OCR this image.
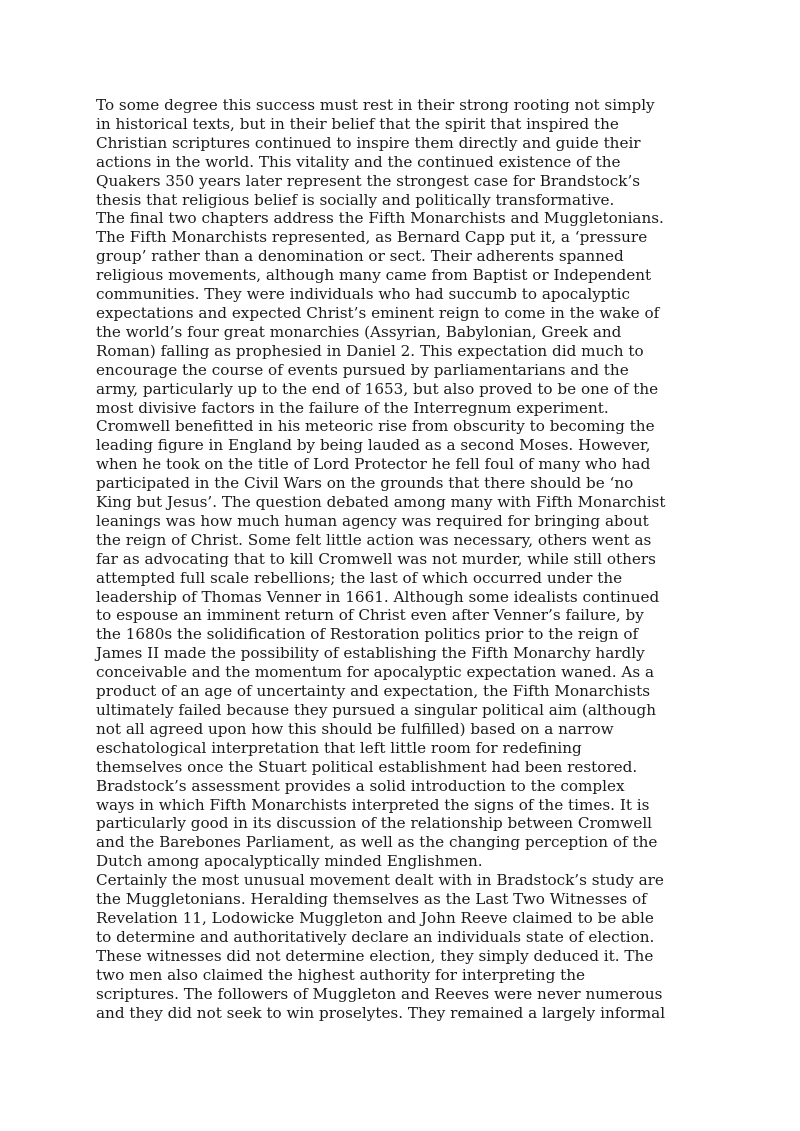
To some degree this success must rest in their strong rooting not simply
in historical texts, but in their belief that the spirit that inspired the
Christian scriptures continued to inspire them directly and guide their
actions in the world. This vitality and the continued existence of the
Quakers 350 years later represent the strongest case for Brandstock’s
thesis that religious belief is socially and politically transformative.

The final two chapters address the Fifth Monarchists and Muggletonians.
The Fifth Monarchists represented, as Bernard Capp put it, a ‘pressure
group’ rather than a denomination or sect. Their adherents spanned
religious movements, although many came from Baptist or Independent
communities. They were individuals who had succumb to apocalyptic
expectations and expected Christ’s eminent reign to come in the wake of
the world’s four great monarchies (Assyrian, Babylonian, Greek and
Roman) falling as prophesied in Daniel 2. This expectation did much to
encourage the course of events pursued by parliamentarians and the
army, particularly up to the end of 1653, but also proved to be one of the
most divisive factors in the failure of the Interregnum experiment.
Cromwell benefitted in his meteoric rise from obscurity to becoming the
leading figure in England by being lauded as a second Moses. However,
when he took on the title of Lord Protector he fell foul of many who had
participated in the Civil Wars on the grounds that there should be ‘no
King but Jesus’. The question debated among many with Fifth Monarchist
leanings was how much human agency was required for bringing about
the reign of Christ. Some felt little action was necessary, others went as
far as advocating that to kill Cromwell was not murder, while still others
attempted full scale rebellions; the last of which occurred under the
leadership of Thomas Venner in 1661. Although some idealists continued
to espouse an imminent return of Christ even after Venner’s failure, by
the 1680s the solidification of Restoration politics prior to the reign of
James II made the possibility of establishing the Fifth Monarchy hardly
conceivable and the momentum for apocalyptic expectation waned. As a
product of an age of uncertainty and expectation, the Fifth Monarchists
ultimately failed because they pursued a singular political aim (although
not all agreed upon how this should be fulfilled) based on a narrow
eschatological interpretation that left little room for redefining
themselves once the Stuart political establishment had been restored.

Bradstock’s assessment provides a solid introduction to the complex
ways in which Fifth Monarchists interpreted the signs of the times. It is
particularly good in its discussion of the relationship between Cromwell
and the Barebones Parliament, as well as the changing perception of the
Dutch among apocalyptically minded Englishmen.

Certainly the most unusual movement dealt with in Bradstock’s study are
the Muggletonians. Heralding themselves as the Last Two Witnesses of
Revelation 11, Lodowicke Muggleton and John Reeve claimed to be able
to determine and authoritatively declare an individuals state of election.
These witnesses did not determine election, they simply deduced it. The
two men also claimed the highest authority for interpreting the
scriptures. The followers of Muggleton and Reeves were never numerous
and they did not seek to win proselytes. They remained a largely informal
